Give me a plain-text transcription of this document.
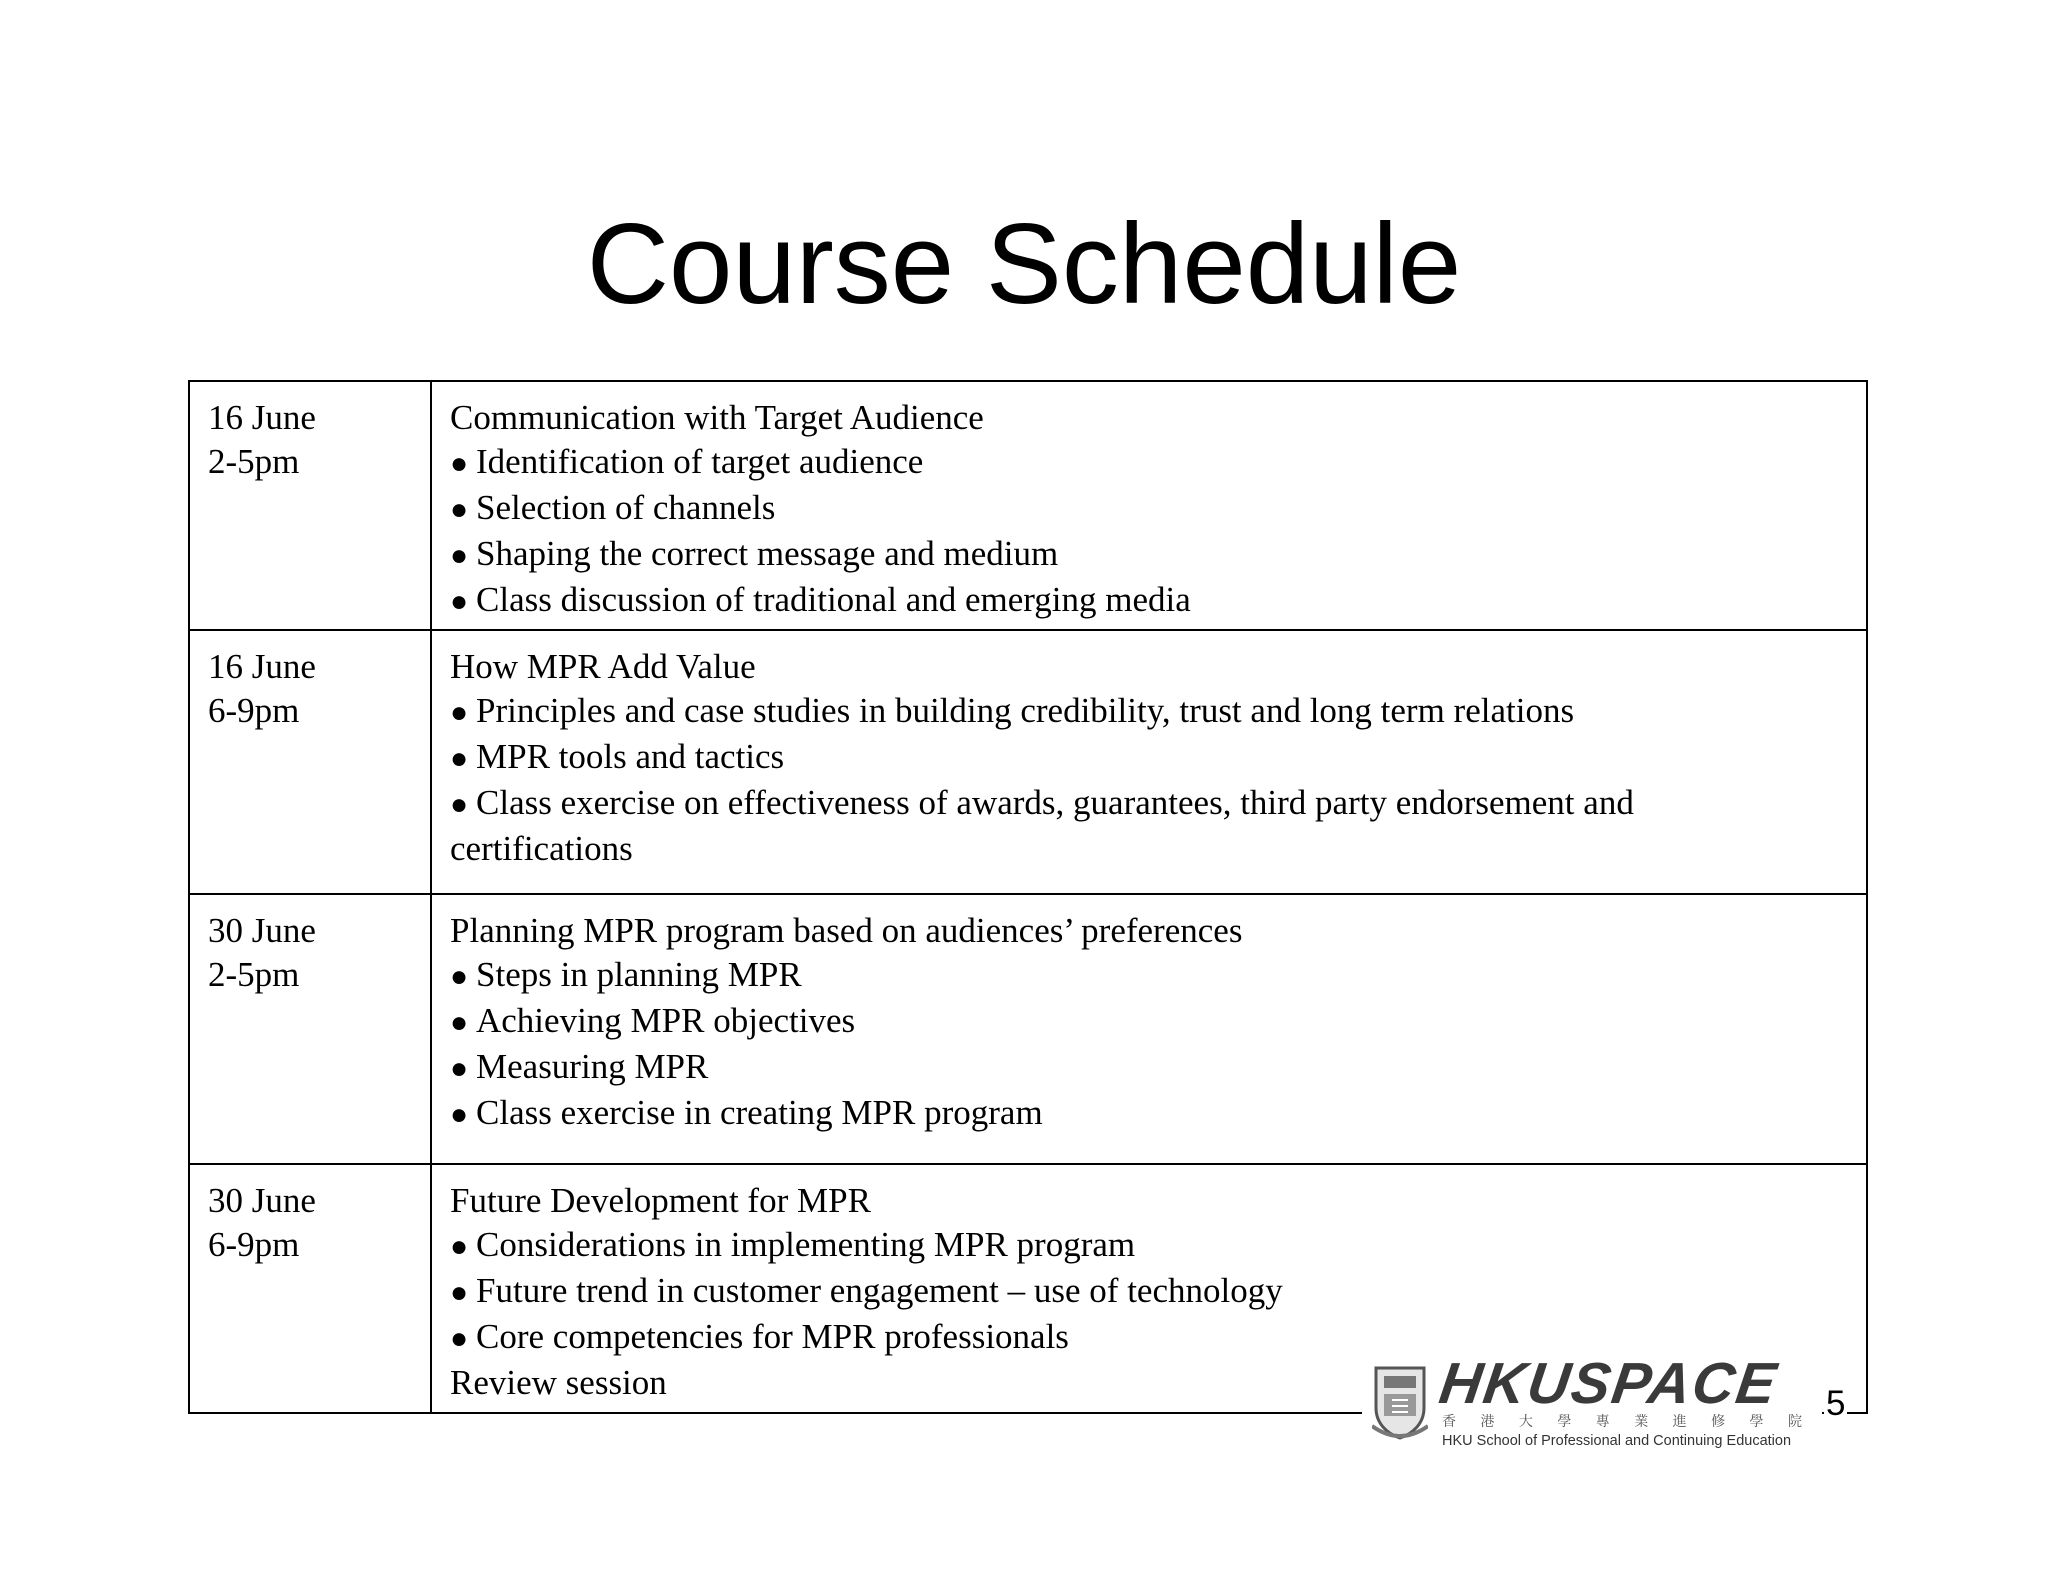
Course Schedule
16 June
2-5pm	Communication with Target Audience
● Identification of target audience
● Selection of channels
● Shaping the correct message and medium
● Class discussion of traditional and emerging media

16 June
6-9pm	How MPR Add Value
● Principles and case studies in building credibility, trust and long term relations
● MPR tools and tactics
● Class exercise on effectiveness of awards, guarantees, third party endorsement and certifications

30 June
2-5pm	Planning MPR program based on audiences’ preferences
● Steps in planning MPR
● Achieving MPR objectives
● Measuring MPR
● Class exercise in creating MPR program

30 June
6-9pm	Future Development for MPR
● Considerations in implementing MPR program
● Future trend in customer engagement – use of technology
● Core competencies for MPR professionals
Review session	HKUSPACE
香 港 大 學 專 業 進 修 學 院
HKU School of Professional and Continuing Education
5
